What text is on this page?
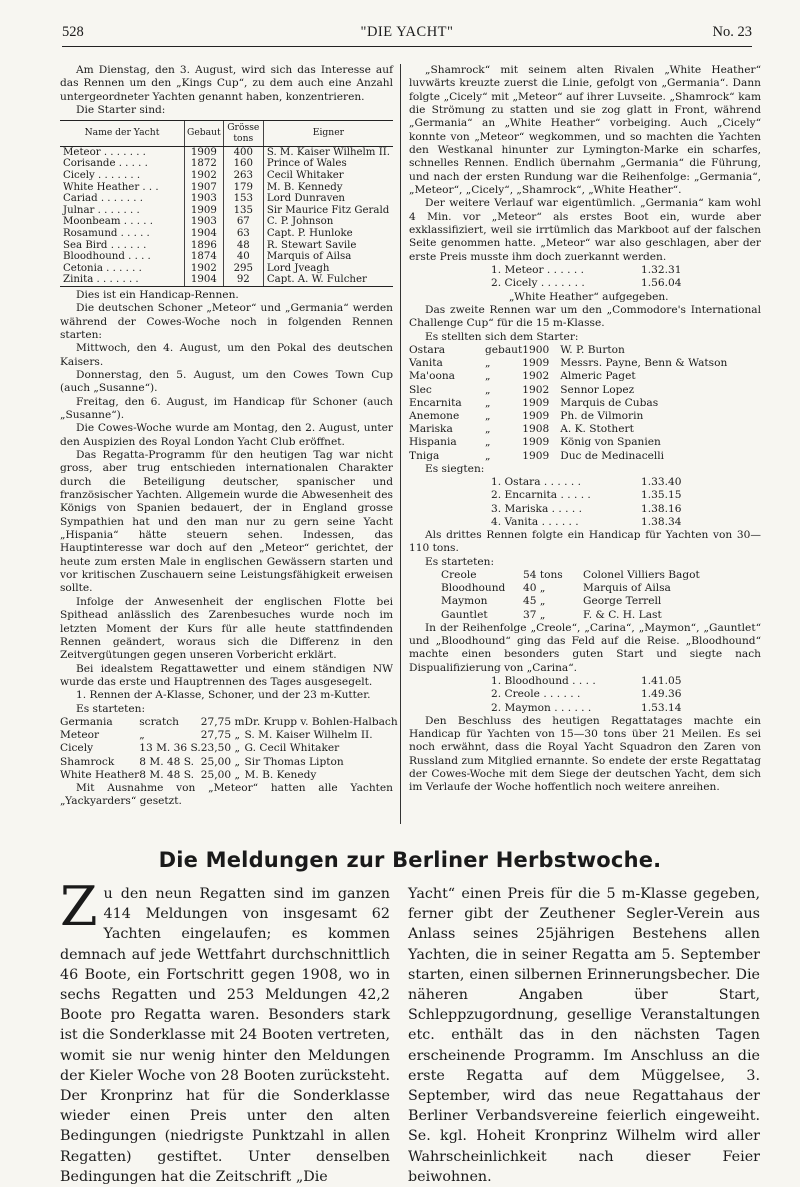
528	"DIE YACHT"	No. 23

Am Dienstag, den 3. August, wird sich das Interesse auf das Rennen um den „Kings Cup“, zu dem auch eine Anzahl untergeordneter Yachten genannt haben, konzentrieren.

Die Starter sind:

Name der Yacht	Gebaut	Grösse tons	Eigner
Meteor . . . . . . .	1909	400	S. M. Kaiser Wilhelm II.
Corisande . . . . .	1872	160	Prince of Wales
Cicely . . . . . . .	1902	263	Cecil Whitaker
White Heather . . .	1907	179	M. B. Kennedy
Cariad . . . . . . .	1903	153	Lord Dunraven
Julnar . . . . . . .	1909	135	Sir Maurice Fitz Gerald
Moonbeam . . . . .	1903	67	C. P. Johnson
Rosamund . . . . .	1904	63	Capt. P. Hunloke
Sea Bird . . . . . .	1896	48	R. Stewart Savile
Bloodhound . . . .	1874	40	Marquis of Ailsa
Cetonia . . . . . .	1902	295	Lord Jveagh
Zinita . . . . . . .	1904	92	Capt. A. W. Fulcher

Dies ist ein Handicap-Rennen.

Die deutschen Schoner „Meteor“ und „Germania“ werden während der Cowes-Woche noch in folgenden Rennen starten:

Mittwoch, den 4. August, um den Pokal des deutschen Kaisers.

Donnerstag, den 5. August, um den Cowes Town Cup (auch „Susanne“).

Freitag, den 6. August, im Handicap für Schoner (auch „Susanne“).

Die Cowes-Woche wurde am Montag, den 2. August, unter den Auspizien des Royal London Yacht Club eröffnet.

Das Regatta-Programm für den heutigen Tag war nicht gross, aber trug entschieden internationalen Charakter durch die Beteiligung deutscher, spanischer und französischer Yachten. Allgemein wurde die Abwesenheit des Königs von Spanien bedauert, der in England grosse Sympathien hat und den man nur zu gern seine Yacht „Hispania“ hätte steuern sehen. Indessen, das Hauptinteresse war doch auf den „Meteor“ gerichtet, der heute zum ersten Male in englischen Gewässern starten und vor kritischen Zuschauern seine Leistungsfähigkeit erweisen sollte.

Infolge der Anwesenheit der englischen Flotte bei Spithead anlässlich des Zarenbesuches wurde noch im letzten Moment der Kurs für alle heute stattfindenden Rennen geändert, woraus sich die Differenz in den Zeitvergütungen gegen unseren Vorbericht erklärt.

Bei idealstem Regattawetter und einem ständigen NW wurde das erste und Hauptrennen des Tages ausgesegelt.

1. Rennen der A-Klasse, Schoner, und der 23 m-Kutter.

Es starteten:

Germania	scratch	27,75 m	Dr. Krupp v. Bohlen-Halbach
Meteor	„	27,75 „	S. M. Kaiser Wilhelm II.
Cicely	13 M. 36 S.	23,50 „	G. Cecil Whitaker
Shamrock	8 M. 48 S.	25,00 „	Sir Thomas Lipton
White Heather	8 M. 48 S.	25,00 „	M. B. Kenedy

Mit Ausnahme von „Meteor“ hatten alle Yachten „Yackyarders“ gesetzt.

„Shamrock“ mit seinem alten Rivalen „White Heather“ luvwärts kreuzte zuerst die Linie, gefolgt von „Germania“. Dann folgte „Cicely“ mit „Meteor“ auf ihrer Luvseite. „Shamrock“ kam die Strömung zu statten und sie zog glatt in Front, während „Germania“ an „White Heather“ vorbeiging. Auch „Cicely“ konnte von „Meteor“ wegkommen, und so machten die Yachten den Westkanal hinunter zur Lymington-Marke ein scharfes, schnelles Rennen. Endlich übernahm „Germania“ die Führung, und nach der ersten Rundung war die Reihenfolge: „Germania“, „Meteor“, „Cicely“, „Shamrock“, „White Heather“.

Der weitere Verlauf war eigentümlich. „Germania“ kam wohl 4 Min. vor „Meteor“ als erstes Boot ein, wurde aber exklassifiziert, weil sie irrtümlich das Markboot auf der falschen Seite genommen hatte. „Meteor“ war also geschlagen, aber der erste Preis musste ihm doch zuerkannt werden.

1. Meteor . . . . . .	1.32.31
2. Cicely . . . . . . .	1.56.04

„White Heather“ aufgegeben.

Das zweite Rennen war um den „Commodore's International Challenge Cup“ für die 15 m-Klasse.

Es stellten sich dem Starter:

Ostara	gebaut	1900	W. P. Burton
Vanita	„	1909	Messrs. Payne, Benn & Watson
Ma'oona	„	1902	Almeric Paget
Slec	„	1902	Sennor Lopez
Encarnita	„	1909	Marquis de Cubas
Anemone	„	1909	Ph. de Vilmorin
Mariska	„	1908	A. K. Stothert
Hispania	„	1909	König von Spanien
Tniga	„	1909	Duc de Medinacelli

Es siegten:

1. Ostara . . . . . .	1.33.40
2. Encarnita . . . . .	1.35.15
3. Mariska . . . . .	1.38.16
4. Vanita . . . . . .	1.38.34

Als drittes Rennen folgte ein Handicap für Yachten von 30—110 tons.

Es starteten:

Creole	54 tons	Colonel Villiers Bagot
Bloodhound	40 „	Marquis of Ailsa
Maymon	45 „	George Terrell
Gauntlet	37 „	F. & C. H. Last

In der Reihenfolge „Creole“, „Carina“, „Maymon“, „Gauntlet“ und „Bloodhound“ ging das Feld auf die Reise. „Bloodhound“ machte einen besonders guten Start und siegte nach Dispualifizierung von „Carina“.

1. Bloodhound . . . .	1.41.05
2. Creole . . . . . .	1.49.36
2. Maymon . . . . . .	1.53.14

Den Beschluss des heutigen Regattatages machte ein Handicap für Yachten von 15—30 tons über 21 Meilen. Es sei noch erwähnt, dass die Royal Yacht Squadron den Zaren von Russland zum Mitglied ernannte. So endete der erste Regattatag der Cowes-Woche mit dem Siege der deutschen Yacht, dem sich im Verlaufe der Woche hoffentlich noch weitere anreihen.

Die Meldungen zur Berliner Herbstwoche.

Zu den neun Regatten sind im ganzen 414 Meldungen von insgesamt 62 Yachten eingelaufen; es kommen demnach auf jede Wettfahrt durchschnittlich 46 Boote, ein Fortschritt gegen 1908, wo in sechs Regatten und 253 Meldungen 42,2 Boote pro Regatta waren. Besonders stark ist die Sonderklasse mit 24 Booten vertreten, womit sie nur wenig hinter den Meldungen der Kieler Woche von 28 Booten zurücksteht. Der Kronprinz hat für die Sonderklasse wieder einen Preis unter den alten Bedingungen (niedrigste Punktzahl in allen Regatten) gestiftet. Unter denselben Bedingungen hat die Zeitschrift „Die

Yacht“ einen Preis für die 5 m-Klasse gegeben, ferner gibt der Zeuthener Segler-Verein aus Anlass seines 25jährigen Bestehens allen Yachten, die in seiner Regatta am 5. September starten, einen silbernen Erinnerungsbecher. Die näheren Angaben über Start, Schleppzugordnung, gesellige Veranstaltungen etc. enthält das in den nächsten Tagen erscheinende Programm. Im Anschluss an die erste Regatta auf dem Müggelsee, 3. September, wird das neue Regattahaus der Berliner Verbandsvereine feierlich eingeweiht. Se. kgl. Hoheit Kronprinz Wilhelm wird aller Wahrscheinlichkeit nach dieser Feier beiwohnen.
